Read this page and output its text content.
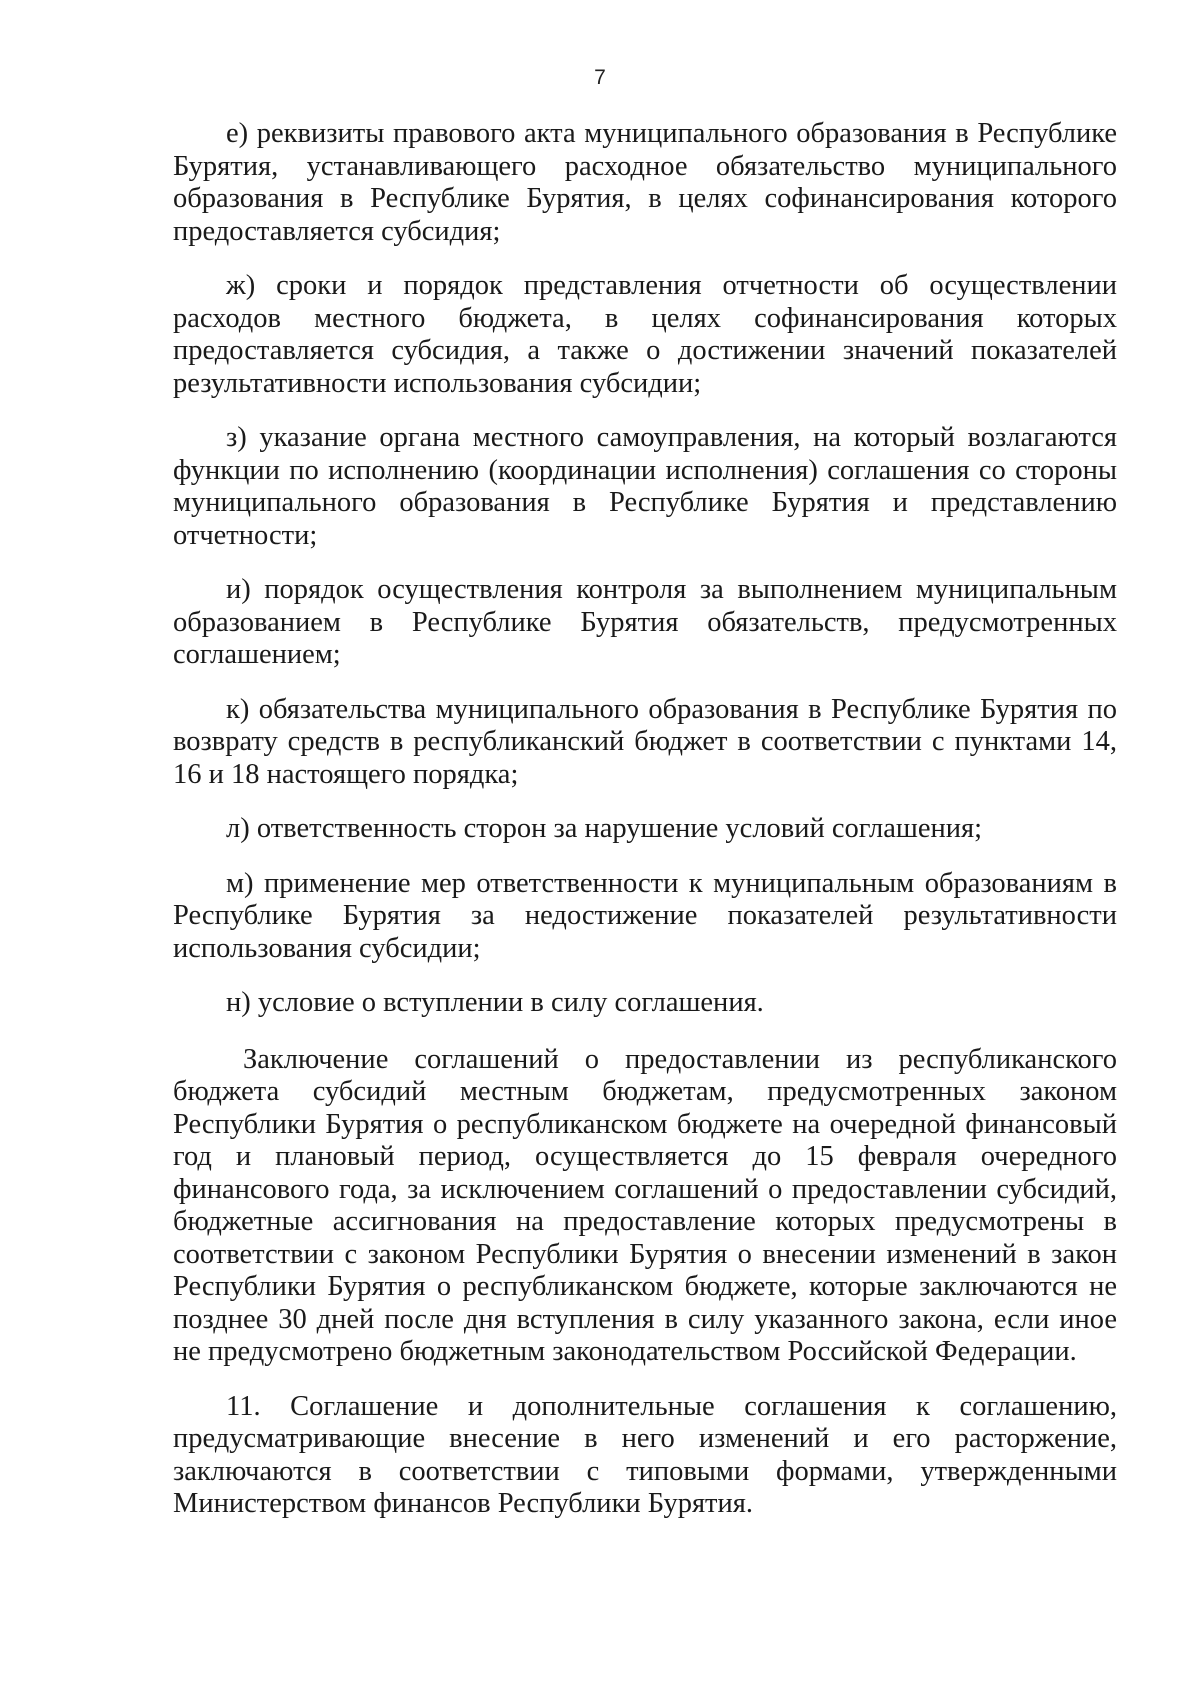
7

е) реквизиты правового акта муниципального образования в Республике Бурятия, устанавливающего расходное обязательство муниципального образования в Республике Бурятия, в целях софинансирования которого предоставляется субсидия;

ж) сроки и порядок представления отчетности об осуществлении расходов местного бюджета, в целях софинансирования которых предоставляется субсидия, а также о достижении значений показателей результативности использования субсидии;

з) указание органа местного самоуправления, на который возлагаются функции по исполнению (координации исполнения) соглашения со стороны муниципального образования в Республике Бурятия и представлению отчетности;

и) порядок осуществления контроля за выполнением муниципальным образованием в Республике Бурятия обязательств, предусмотренных соглашением;

к) обязательства муниципального образования в Республике Бурятия по возврату средств в республиканский бюджет в соответствии с пунктами 14, 16 и 18 настоящего порядка;

л) ответственность сторон за нарушение условий соглашения;

м) применение мер ответственности к муниципальным образованиям в Республике Бурятия за недостижение показателей результативности использования субсидии;

н) условие о вступлении в силу соглашения.

Заключение соглашений о предоставлении из республиканского бюджета субсидий местным бюджетам, предусмотренных законом Республики Бурятия о республиканском бюджете на очередной финансовый год и плановый период, осуществляется до 15 февраля очередного финансового года, за исключением соглашений о предоставлении субсидий, бюджетные ассигнования на предоставление которых предусмотрены в соответствии с законом Республики Бурятия о внесении изменений в закон Республики Бурятия о республиканском бюджете, которые заключаются не позднее 30 дней после дня вступления в силу указанного закона, если иное не предусмотрено бюджетным законодательством Российской Федерации.

11. Соглашение и дополнительные соглашения к соглашению, предусматривающие внесение в него изменений и его расторжение, заключаются в соответствии с типовыми формами, утвержденными Министерством финансов Республики Бурятия.
